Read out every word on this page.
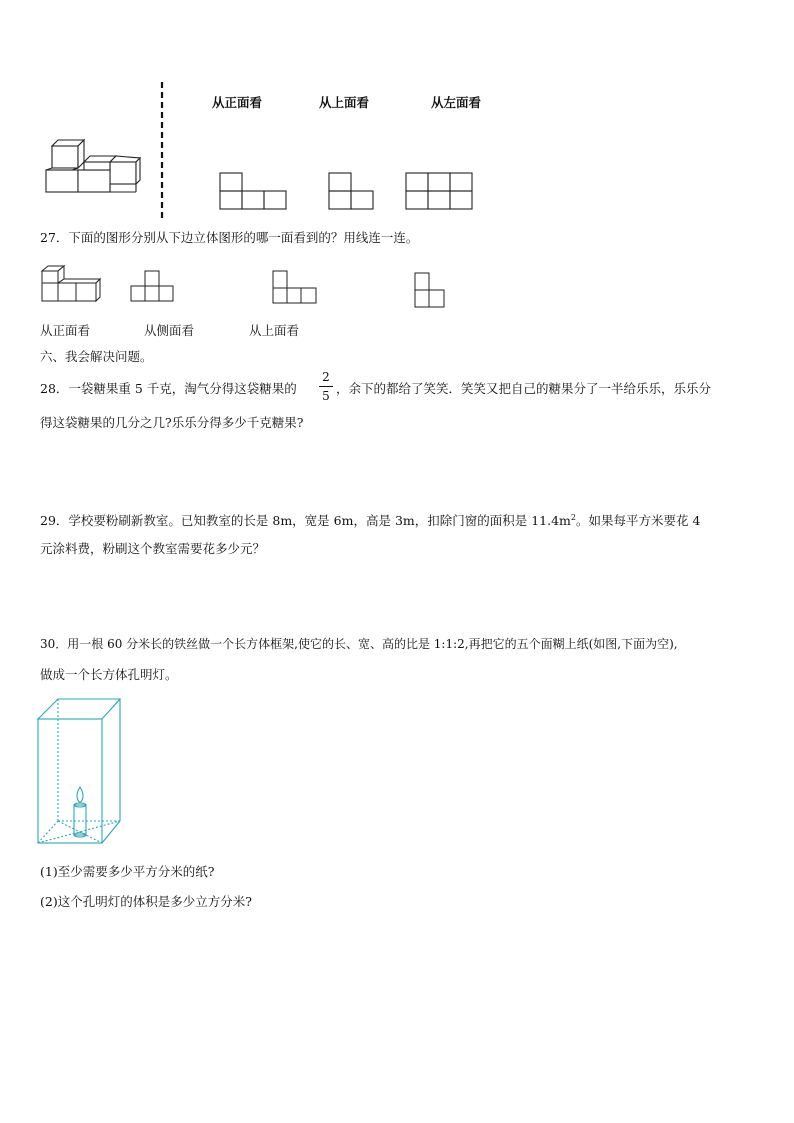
从正面看	从上面看	从左面看
27．下面的图形分别从下边立体图形的哪一面看到的？用线连一连。
从正面看	从侧面看	从上面看
六、我会解决问题。
28．一袋糖果重 5 千克，淘气分得这袋糖果的
2
5 ，余下的都给了笑笑．笑笑又把自己的糖果分了一半给乐乐，乐乐分
得这袋糖果的几分之几?乐乐分得多少千克糖果?
29．学校要粉刷新教室。已知教室的长是 8m，宽是 6m，高是 3m，扣除门窗的面积是 $11.4m^2$。如果每平方米要花 4
元涂料费，粉刷这个教室需要花多少元？
30．用一根 60 分米长的铁丝做一个长方体框架,使它的长、宽、高的比是 1:1:2,再把它的五个面糊上纸(如图,下面为空),
做成一个长方体孔明灯。
(1)至少需要多少平方分米的纸?
(2)这个孔明灯的体积是多少立方分米?
